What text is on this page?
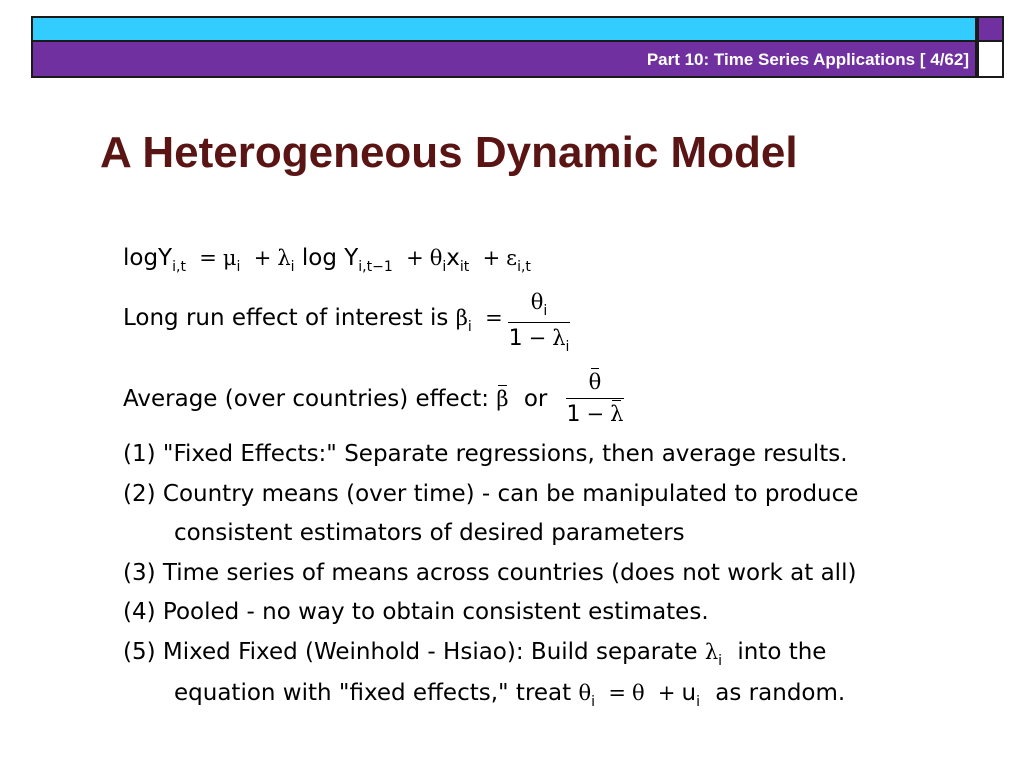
Part 10: Time Series Applications [ 4/62]
A Heterogeneous Dynamic Model
$\log Y_{i,t} = \mu_i + \lambda_i$ $\log Y_{i,t-1} + \theta_ix_{it} + \varepsilon_{i,t}$
Long run effect of interest is $\beta_i$ =
$\theta_i$
$1 - \lambda_i$
Average (over countries) effect: β or
θ
1 − λ
(1) "Fixed Effects:" Separate regressions, then average results.
(2) Country means (over time) - can be manipulated to produce
consistent estimators of desired parameters
(3) Time series of means across countries (does not work at all)
(4) Pooled - no way to obtain consistent estimates.
(5) Mixed Fixed (Weinhold - Hsiao): Build separate $\lambda_i$ into the
equation with "fixed effects," treat $\theta_i = \theta + u_i$ as random.
